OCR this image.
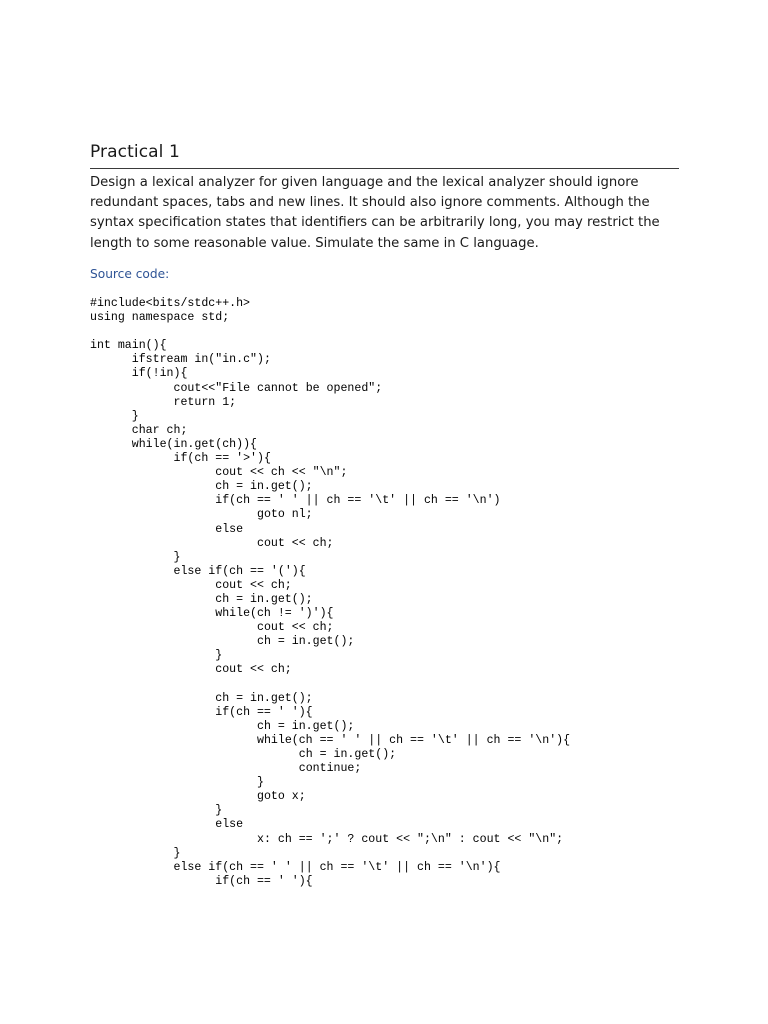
Practical 1
Design a lexical analyzer for given language and the lexical analyzer should ignore
redundant spaces, tabs and new lines. It should also ignore comments. Although the
syntax specification states that identifiers can be arbitrarily long, you may restrict the
length to some reasonable value. Simulate the same in C language.
Source code:
#include<bits/stdc++.h>
using namespace std;
int main(){
	ifstream in("in.c");
	if(!in){
		cout<<"File cannot be opened";
		return 1;
	}
	char ch;
	while(in.get(ch)){
		if(ch == '>'){
			cout << ch << "\n";
			ch = in.get();
			if(ch == ' ' || ch == '\t' || ch == '\n')
				goto nl;
			else
				cout << ch;
		}
		else if(ch == '('){
			cout << ch;
			ch = in.get();
			while(ch != ')'){
				cout << ch;
				ch = in.get();
			}
			cout << ch;
			ch = in.get();
			if(ch == ' '){
				ch = in.get();
				while(ch == ' ' || ch == '\t' || ch == '\n'){
					ch = in.get();
					continue;
				}
				goto x;
			}
			else
				x: ch == ';' ? cout << ";\n" : cout << "\n";
		}
		else if(ch == ' ' || ch == '\t' || ch == '\n'){
			if(ch == ' '){
